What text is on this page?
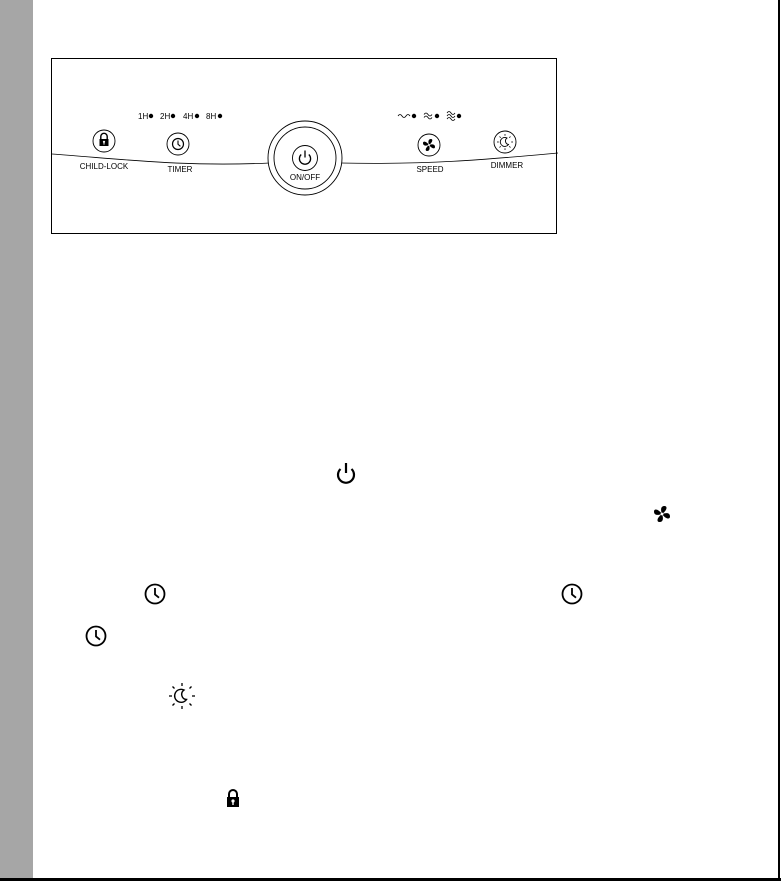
1H 2H 4H 8H
CHILD-LOCK	TIMER
ON/OFF
SPEED	DIMMER
